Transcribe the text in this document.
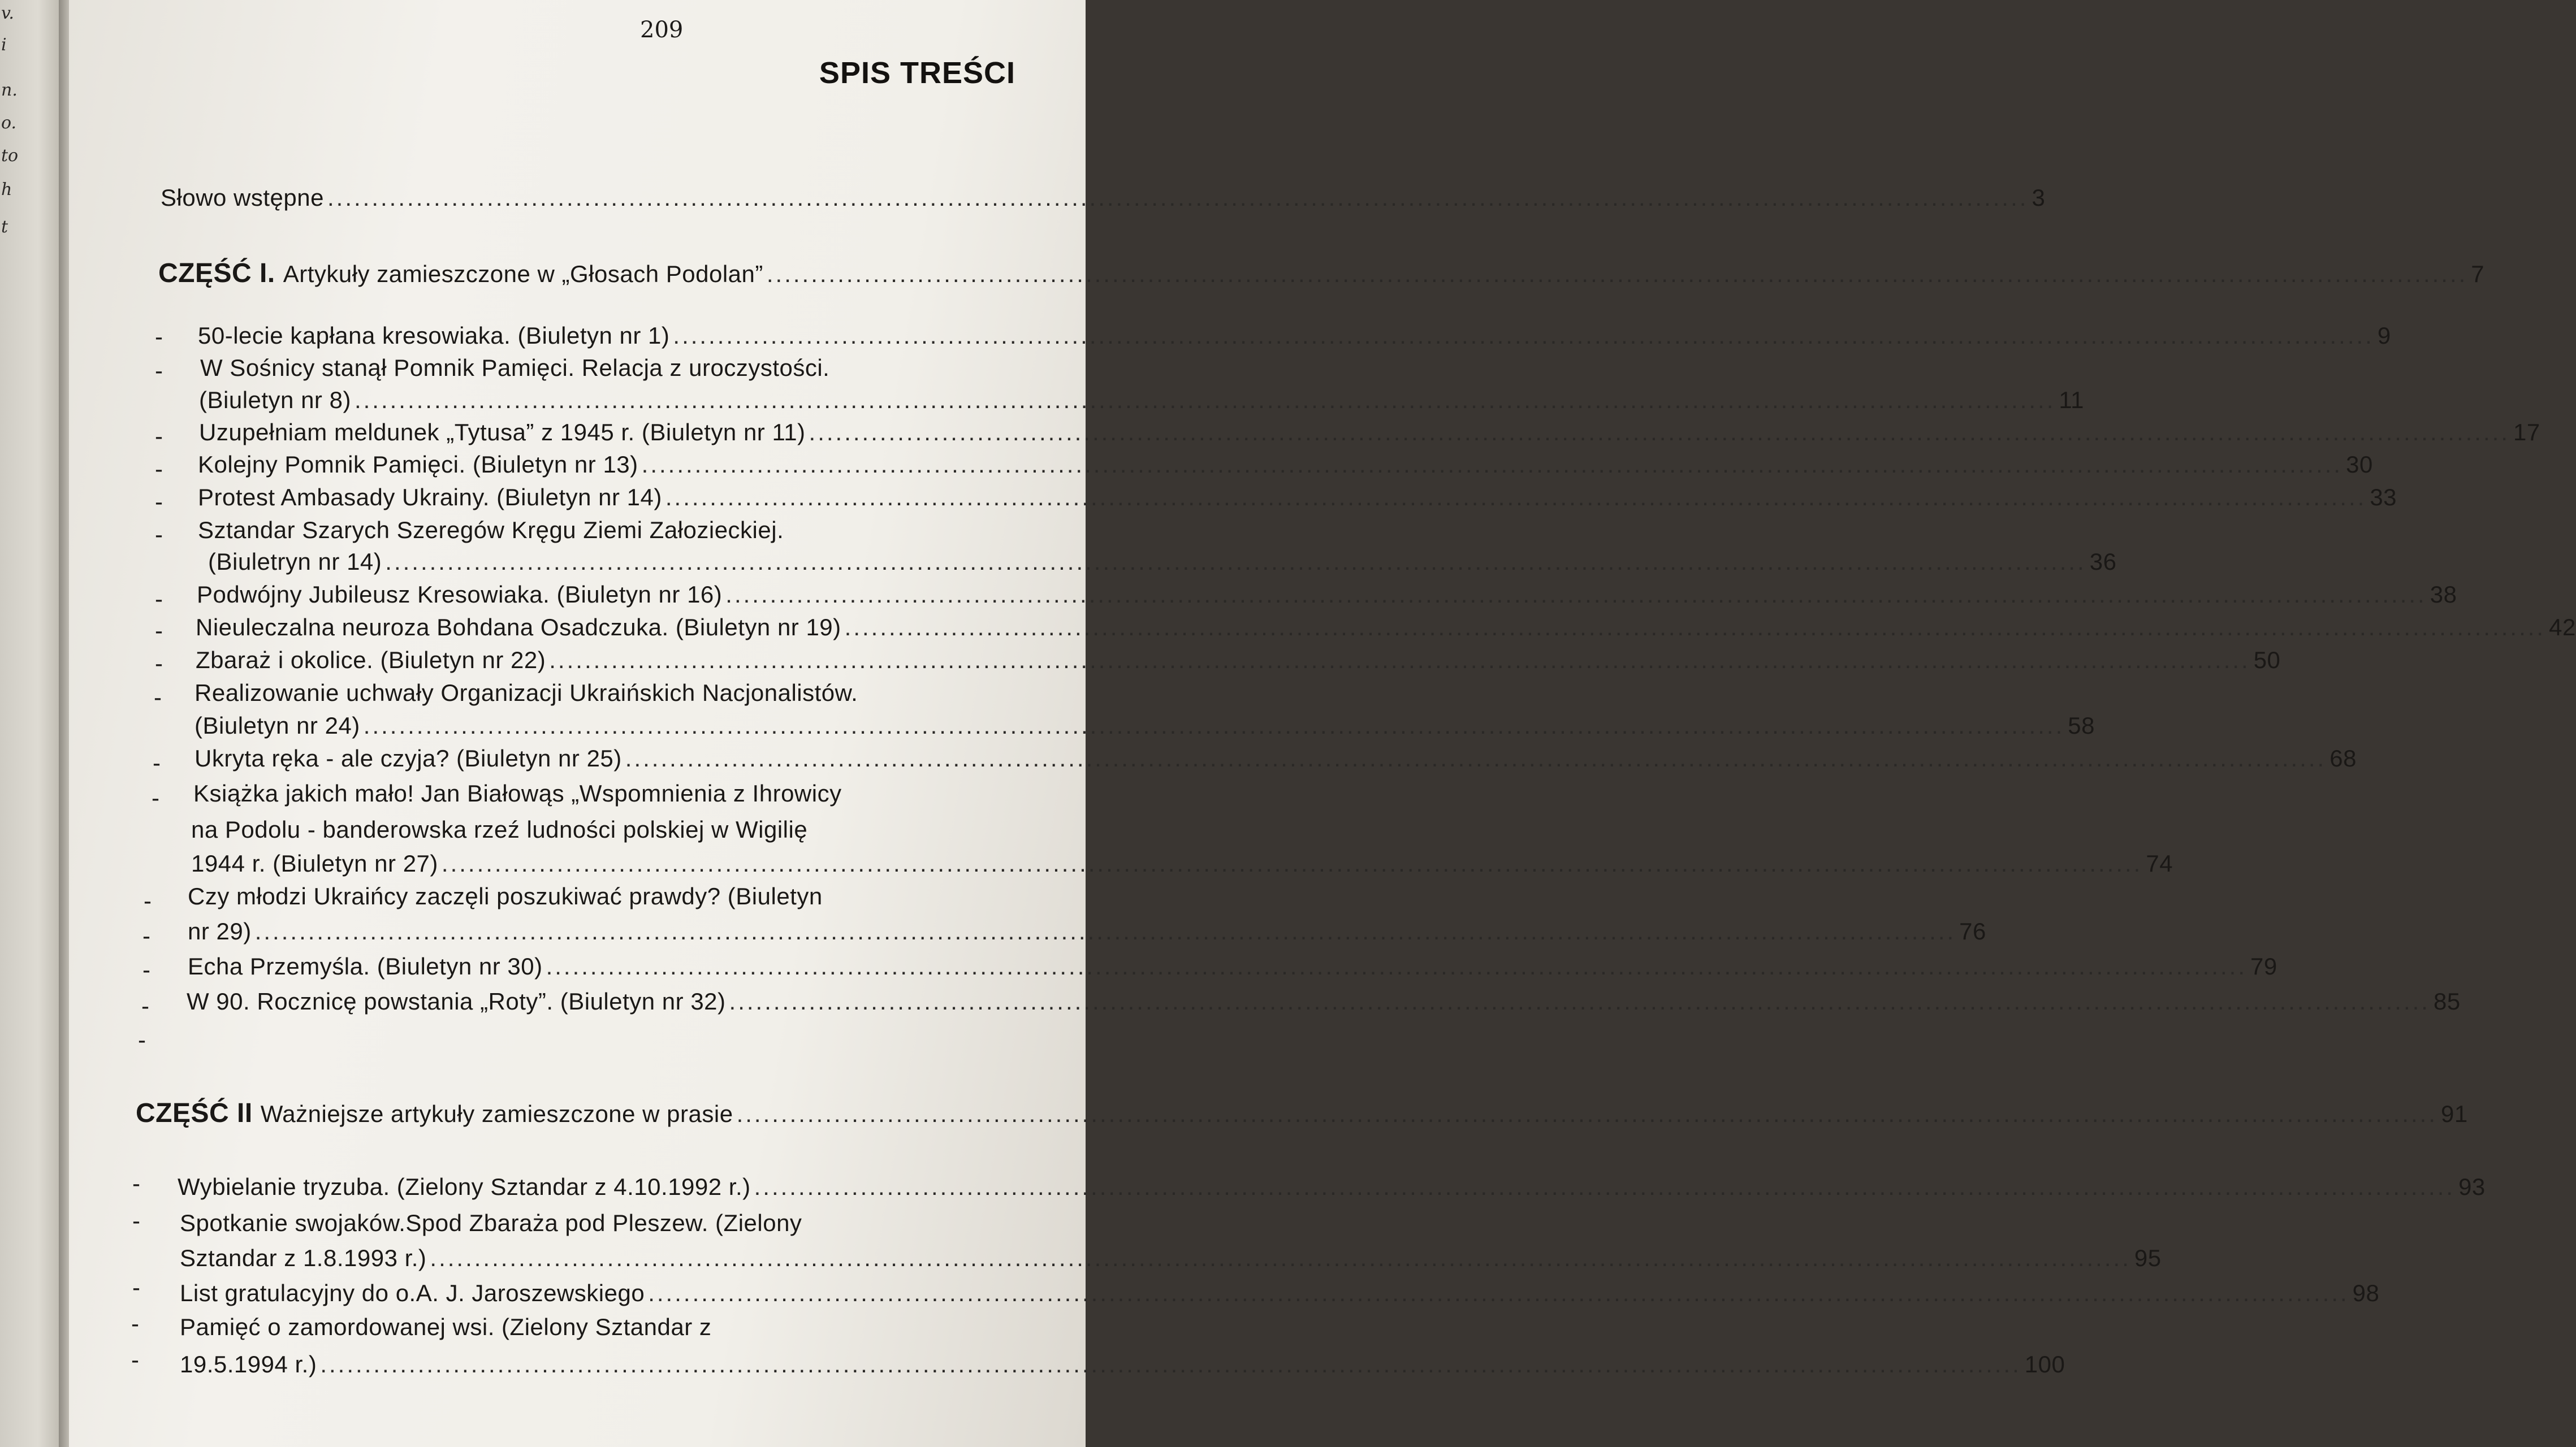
v.
i
n.
o.
to
h
t
209
SPIS TREŚCI
Słowo wstępne .....	3
CZĘŚĆ I. Artykuły zamieszczone w „Głosach Podolan” .....	7
- 50-lecie kapłana kresowiaka. (Biuletyn nr 1) .....	9
- W Sośnicy stanął Pomnik Pamięci. Relacja z uroczystości.
(Biuletyn nr 8) .....	11
- Uzupełniam meldunek „Tytusa” z 1945 r. (Biuletyn nr 11) .....	17
- Kolejny Pomnik Pamięci. (Biuletyn nr 13) .....	30
- Protest Ambasady Ukrainy. (Biuletyn nr 14) .....	33
- Sztandar Szarych Szeregów Kręgu Ziemi Załozieckiej.
(Biuletryn nr 14) .....	36
- Podwójny Jubileusz Kresowiaka. (Biuletyn nr 16) .....	38
- Nieuleczalna neuroza Bohdana Osadczuka. (Biuletyn nr 19) .....	42
- Zbaraż i okolice. (Biuletyn nr 22) .....	50
- Realizowanie uchwały Organizacji Ukraińskich Nacjonalistów.
(Biuletyn nr 24) .....	58
- Ukryta ręka - ale czyja? (Biuletyn nr 25) .....	68
- Książka jakich mało! Jan Białowąs „Wspomnienia z Ihrowicy
na Podolu - banderowska rzeź ludności polskiej w Wigilię
1944 r. (Biuletyn nr 27) .....	74
- Czy młodzi Ukraińcy zaczęli poszukiwać prawdy? (Biuletyn
- nr 29) .....	76
- Echa Przemyśla. (Biuletyn nr 30) .....	79
- W 90. Rocznicę powstania „Roty”. (Biuletyn nr 32) .....	85
-
CZĘŚĆ II Ważniejsze artykuły zamieszczone w prasie .....	91
- Wybielanie tryzuba. (Zielony Sztandar z 4.10.1992 r.) .....	93
- Spotkanie swojaków.Spod Zbaraża pod Pleszew. (Zielony
Sztandar z 1.8.1993 r.) .....	95
- List gratulacyjny do o.A. J. Jaroszewskiego .....	98
- Pamięć o zamordowanej wsi. (Zielony Sztandar z
- 19.5.1994 r.) .....	100
